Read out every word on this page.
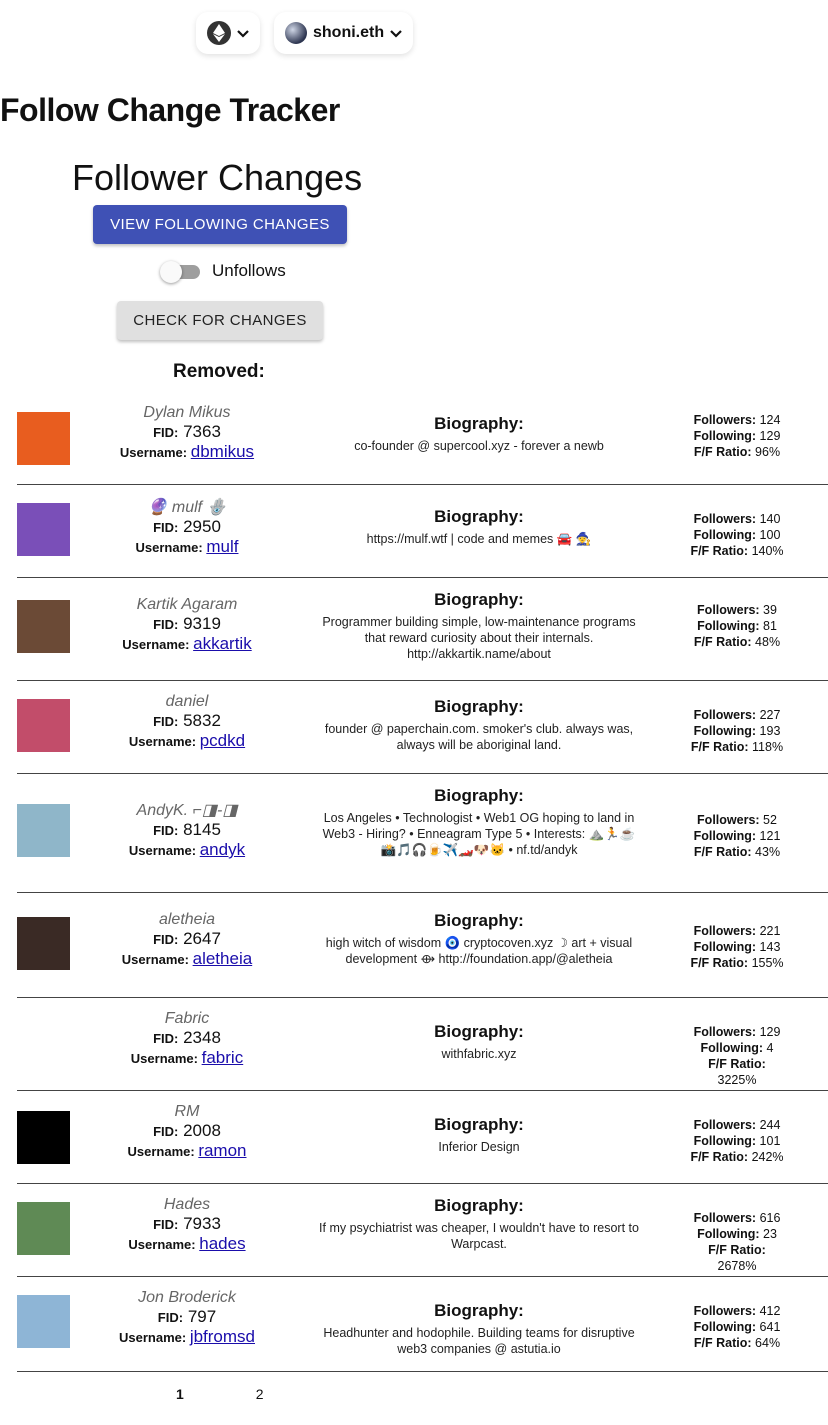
shoni.eth
Follow Change Tracker
Follower Changes
VIEW FOLLOWING CHANGES
Unfollows
CHECK FOR CHANGES
Removed:
Dylan Mikus
FID: 7363
Username: dbmikus
Biography:
co-founder @ supercool.xyz - forever a newb
Followers: 124
Following: 129
F/F Ratio: 96%
🔮 mulf 🪬
FID: 2950
Username: mulf
Biography:
https://mulf.wtf | code and memes 🚘 🧙
Followers: 140
Following: 100
F/F Ratio: 140%
Kartik Agaram
FID: 9319
Username: akkartik
Biography:
Programmer building simple, low-maintenance programs that reward curiosity about their internals. http://akkartik.name/about
Followers: 39
Following: 81
F/F Ratio: 48%
daniel
FID: 5832
Username: pcdkd
Biography:
founder @ paperchain.com. smoker's club. always was, always will be aboriginal land.
Followers: 227
Following: 193
F/F Ratio: 118%
AndyK. ⌐◨-◨
FID: 8145
Username: andyk
Biography:
Los Angeles • Technologist • Web1 OG hoping to land in Web3 - Hiring? • Enneagram Type 5 • Interests: ⛰️🏃☕📸🎵🎧🍺✈️🏎️🐶🐱 • nf.td/andyk
Followers: 52
Following: 121
F/F Ratio: 43%
aletheia
FID: 2647
Username: aletheia
Biography:
high witch of wisdom 🧿 cryptocoven.xyz ☽ art + visual development ⟴ http://foundation.app/@aletheia
Followers: 221
Following: 143
F/F Ratio: 155%
Fabric
FID: 2348
Username: fabric
Biography:
withfabric.xyz
Followers: 129
Following: 4
F/F Ratio: 3225%
RM
FID: 2008
Username: ramon
Biography:
Inferior Design
Followers: 244
Following: 101
F/F Ratio: 242%
Hades
FID: 7933
Username: hades
Biography:
If my psychiatrist was cheaper, I wouldn't have to resort to Warpcast.
Followers: 616
Following: 23
F/F Ratio: 2678%
Jon Broderick
FID: 797
Username: jbfromsd
Biography:
Headhunter and hodophile. Building teams for disruptive web3 companies @ astutia.io
Followers: 412
Following: 641
F/F Ratio: 64%
1	2
